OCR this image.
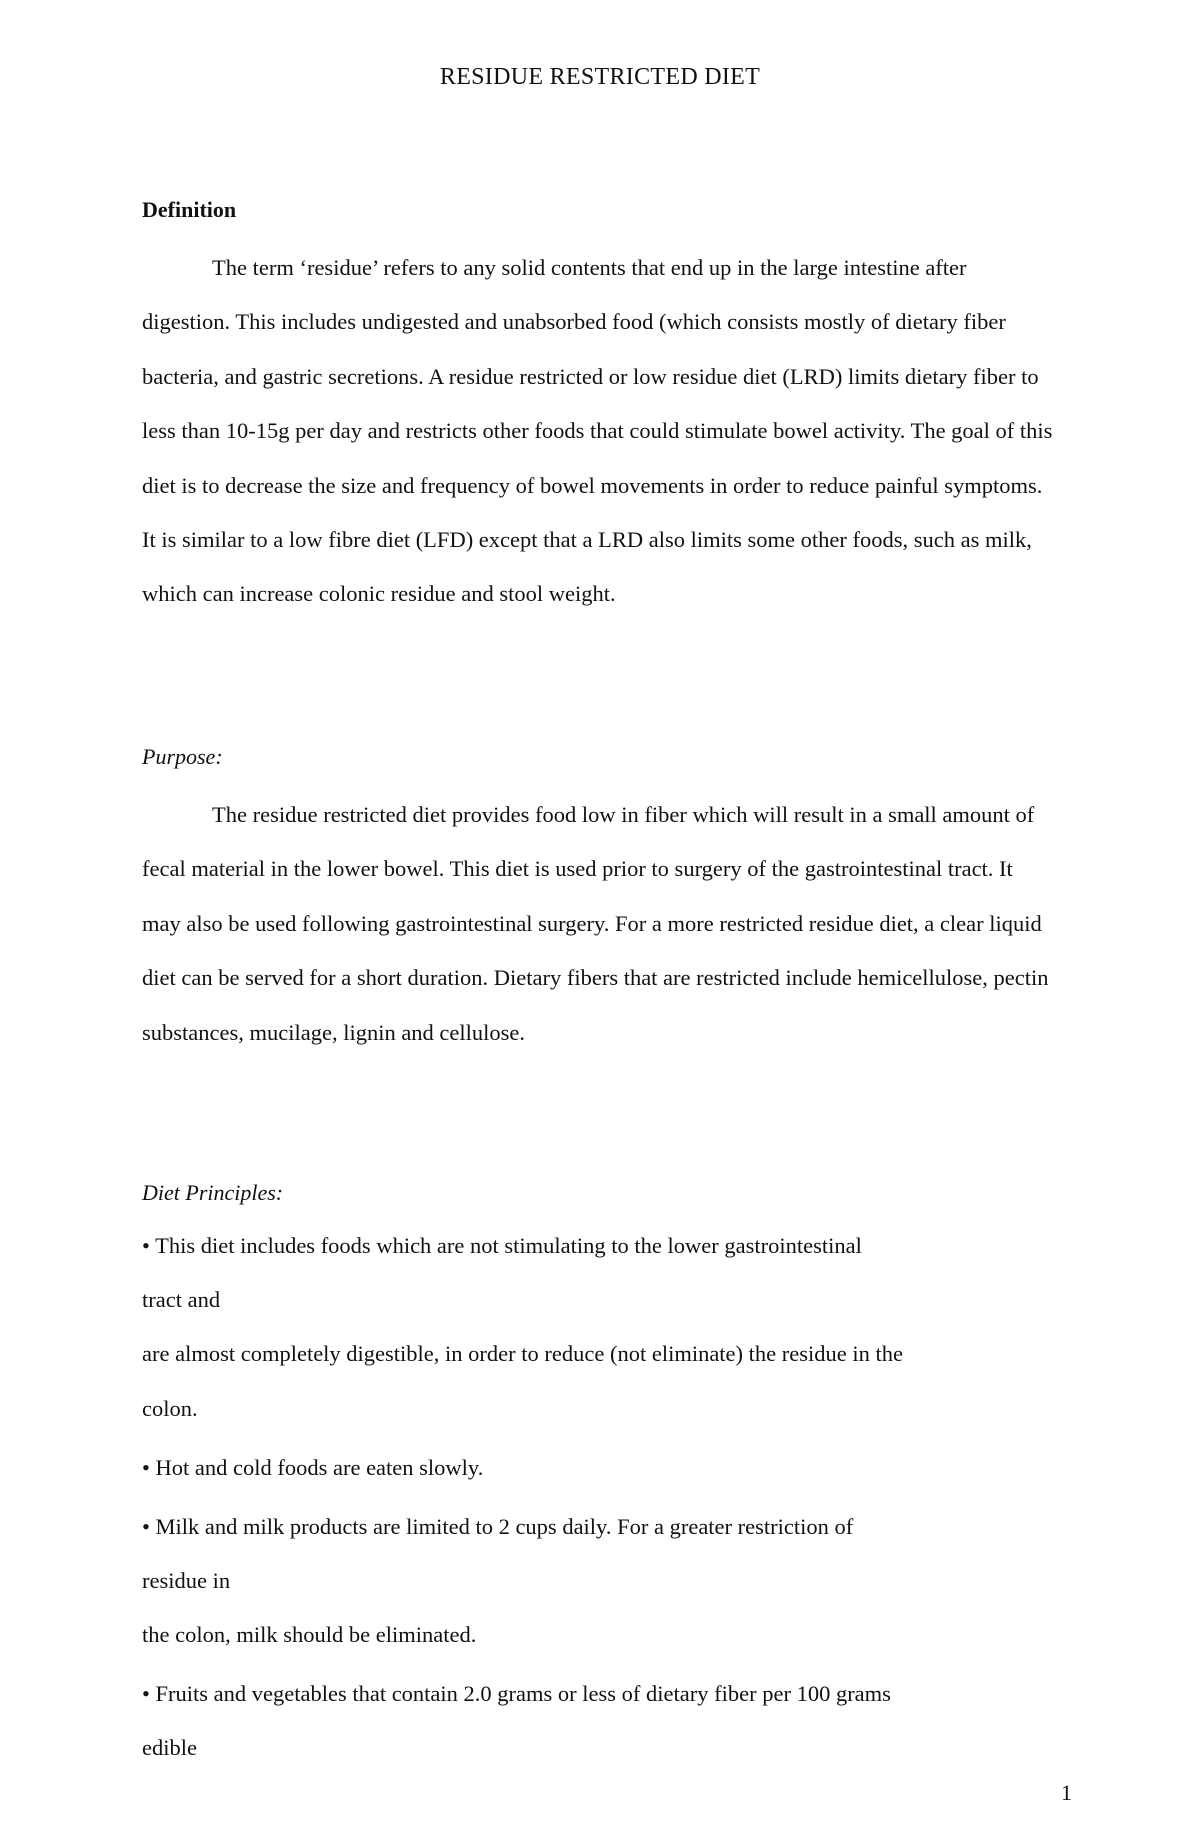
RESIDUE RESTRICTED DIET
Definition

The term ‘residue’ refers to any solid contents that end up in the large intestine after digestion. This includes undigested and unabsorbed food (which consists mostly of dietary fiber bacteria, and gastric secretions. A residue restricted or low residue diet (LRD) limits dietary fiber to less than 10-15g per day and restricts other foods that could stimulate bowel activity. The goal of this diet is to decrease the size and frequency of bowel movements in order to reduce painful symptoms. It is similar to a low fibre diet (LFD) except that a LRD also limits some other foods, such as milk, which can increase colonic residue and stool weight.

Purpose:

The residue restricted diet provides food low in fiber which will result in a small amount of fecal material in the lower bowel. This diet is used prior to surgery of the gastrointestinal tract. It may also be used following gastrointestinal surgery. For a more restricted residue diet, a clear liquid diet can be served for a short duration. Dietary fibers that are restricted include hemicellulose, pectin substances, mucilage, lignin and cellulose.

Diet Principles:
• This diet includes foods which are not stimulating to the lower gastrointestinal
tract and
are almost completely digestible, in order to reduce (not eliminate) the residue in the
colon.
• Hot and cold foods are eaten slowly.
• Milk and milk products are limited to 2 cups daily. For a greater restriction of
residue in
the colon, milk should be eliminated.
• Fruits and vegetables that contain 2.0 grams or less of dietary fiber per 100 grams
edible
1
